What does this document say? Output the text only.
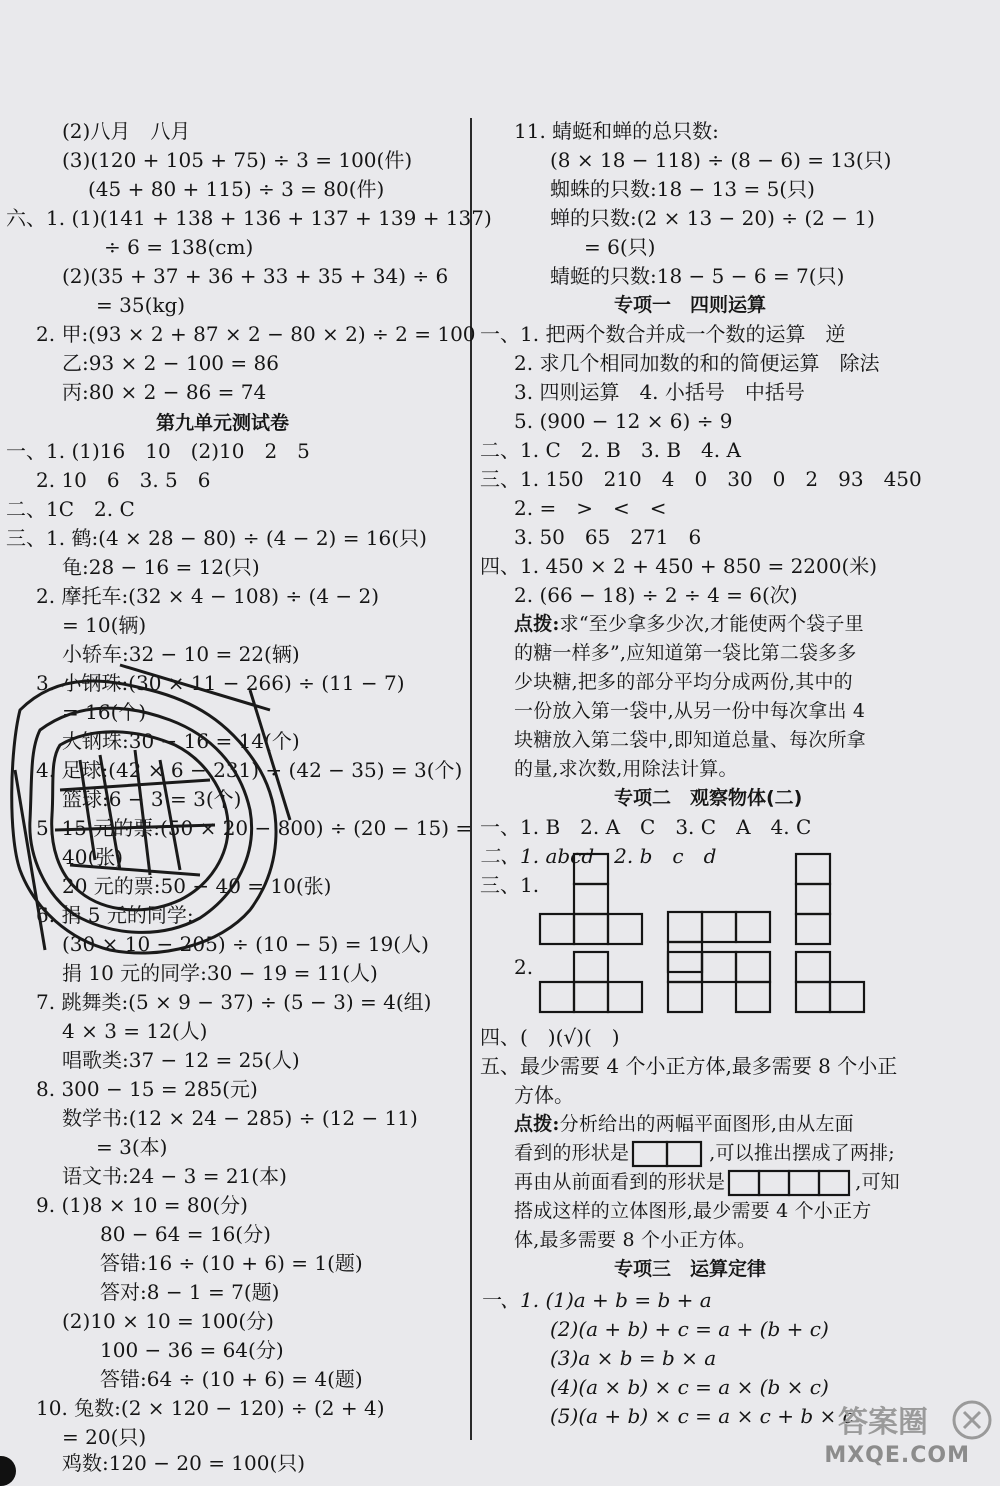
(2)八月　八月
(3)(120 + 105 + 75) ÷ 3 = 100(件)
(45 + 80 + 115) ÷ 3 = 80(件)
六、1. (1)(141 + 138 + 136 + 137 + 139 + 137)
÷ 6 = 138(cm)
(2)(35 + 37 + 36 + 33 + 35 + 34) ÷ 6
= 35(kg)
2. 甲:(93 × 2 + 87 × 2 − 80 × 2) ÷ 2 = 100
乙:93 × 2 − 100 = 86
丙:80 × 2 − 86 = 74
第九单元测试卷
一、1. (1)16　10　(2)10　2　5
2. 10　6　3. 5　6
二、1C　2. C
三、1. 鹤:(4 × 28 − 80) ÷ (4 − 2) = 16(只)
龟:28 − 16 = 12(只)
2. 摩托车:(32 × 4 − 108) ÷ (4 − 2)
= 10(辆)
小轿车:32 − 10 = 22(辆)
3. 小钢珠:(30 × 11 − 266) ÷ (11 − 7)
= 16(个)
大钢珠:30 − 16 = 14(个)
4. 足球:(42 × 6 − 231) ÷ (42 − 35) = 3(个)
篮球:6 − 3 = 3(个)
5. 15 元的票:(50 × 20 − 800) ÷ (20 − 15) =
40(张)
20 元的票:50 − 40 = 10(张)
6. 捐 5 元的同学:
(30 × 10 − 205) ÷ (10 − 5) = 19(人)
捐 10 元的同学:30 − 19 = 11(人)
7. 跳舞类:(5 × 9 − 37) ÷ (5 − 3) = 4(组)
4 × 3 = 12(人)
唱歌类:37 − 12 = 25(人)
8. 300 − 15 = 285(元)
数学书:(12 × 24 − 285) ÷ (12 − 11)
= 3(本)
语文书:24 − 3 = 21(本)
9. (1)8 × 10 = 80(分)
80 − 64 = 16(分)
答错:16 ÷ (10 + 6) = 1(题)
答对:8 − 1 = 7(题)
(2)10 × 10 = 100(分)
100 − 36 = 64(分)
答错:64 ÷ (10 + 6) = 4(题)
10. 兔数:(2 × 120 − 120) ÷ (2 + 4)
= 20(只)
鸡数:120 − 20 = 100(只)
11. 蜻蜓和蝉的总只数:
(8 × 18 − 118) ÷ (8 − 6) = 13(只)
蜘蛛的只数:18 − 13 = 5(只)
蝉的只数:(2 × 13 − 20) ÷ (2 − 1)
= 6(只)
蜻蜓的只数:18 − 5 − 6 = 7(只)
专项一　四则运算
一、1. 把两个数合并成一个数的运算　逆
2. 求几个相同加数的和的简便运算　除法
3. 四则运算　4. 小括号　中括号
5. (900 − 12 × 6) ÷ 9
二、1. C　2. B　3. B　4. A
三、1. 150　210　4　0　30　0　2　93　450
2. =　>　<　<
3. 50　65　271　6
四、1. 450 × 2 + 450 + 850 = 2200(米)
2. (66 − 18) ÷ 2 ÷ 4 = 6(次)
点拨:求“至少拿多少次,才能使两个袋子里
的糖一样多”,应知道第一袋比第二袋多多
少块糖,把多的部分平均分成两份,其中的
一份放入第一袋中,从另一份中每次拿出 4
块糖放入第二袋中,即知道总量、每次所拿
的量,求次数,用除法计算。
专项二　观察物体(二)
一、1. B　2. A　C　3. C　A　4. C
二、1. abcd　2. b　c　d
三、1.
2.
四、(　)(√)(　)
五、最少需要 4 个小正方体,最多需要 8 个小正
方体。
点拨:分析给出的两幅平面图形,由从左面
看到的形状是	,可以推出摆成了两排;
再由从前面看到的形状是	,可知
搭成这样的立体图形,最少需要 4 个小正方
体,最多需要 8 个小正方体。
专项三　运算定律
一、1. (1)a + b = b + a
(2)(a + b) + c = a + (b + c)
(3)a × b = b × a
(4)(a × b) × c = a × (b × c)
(5)(a + b) × c = a × c + b × c
答案圈
MXQE.COM
